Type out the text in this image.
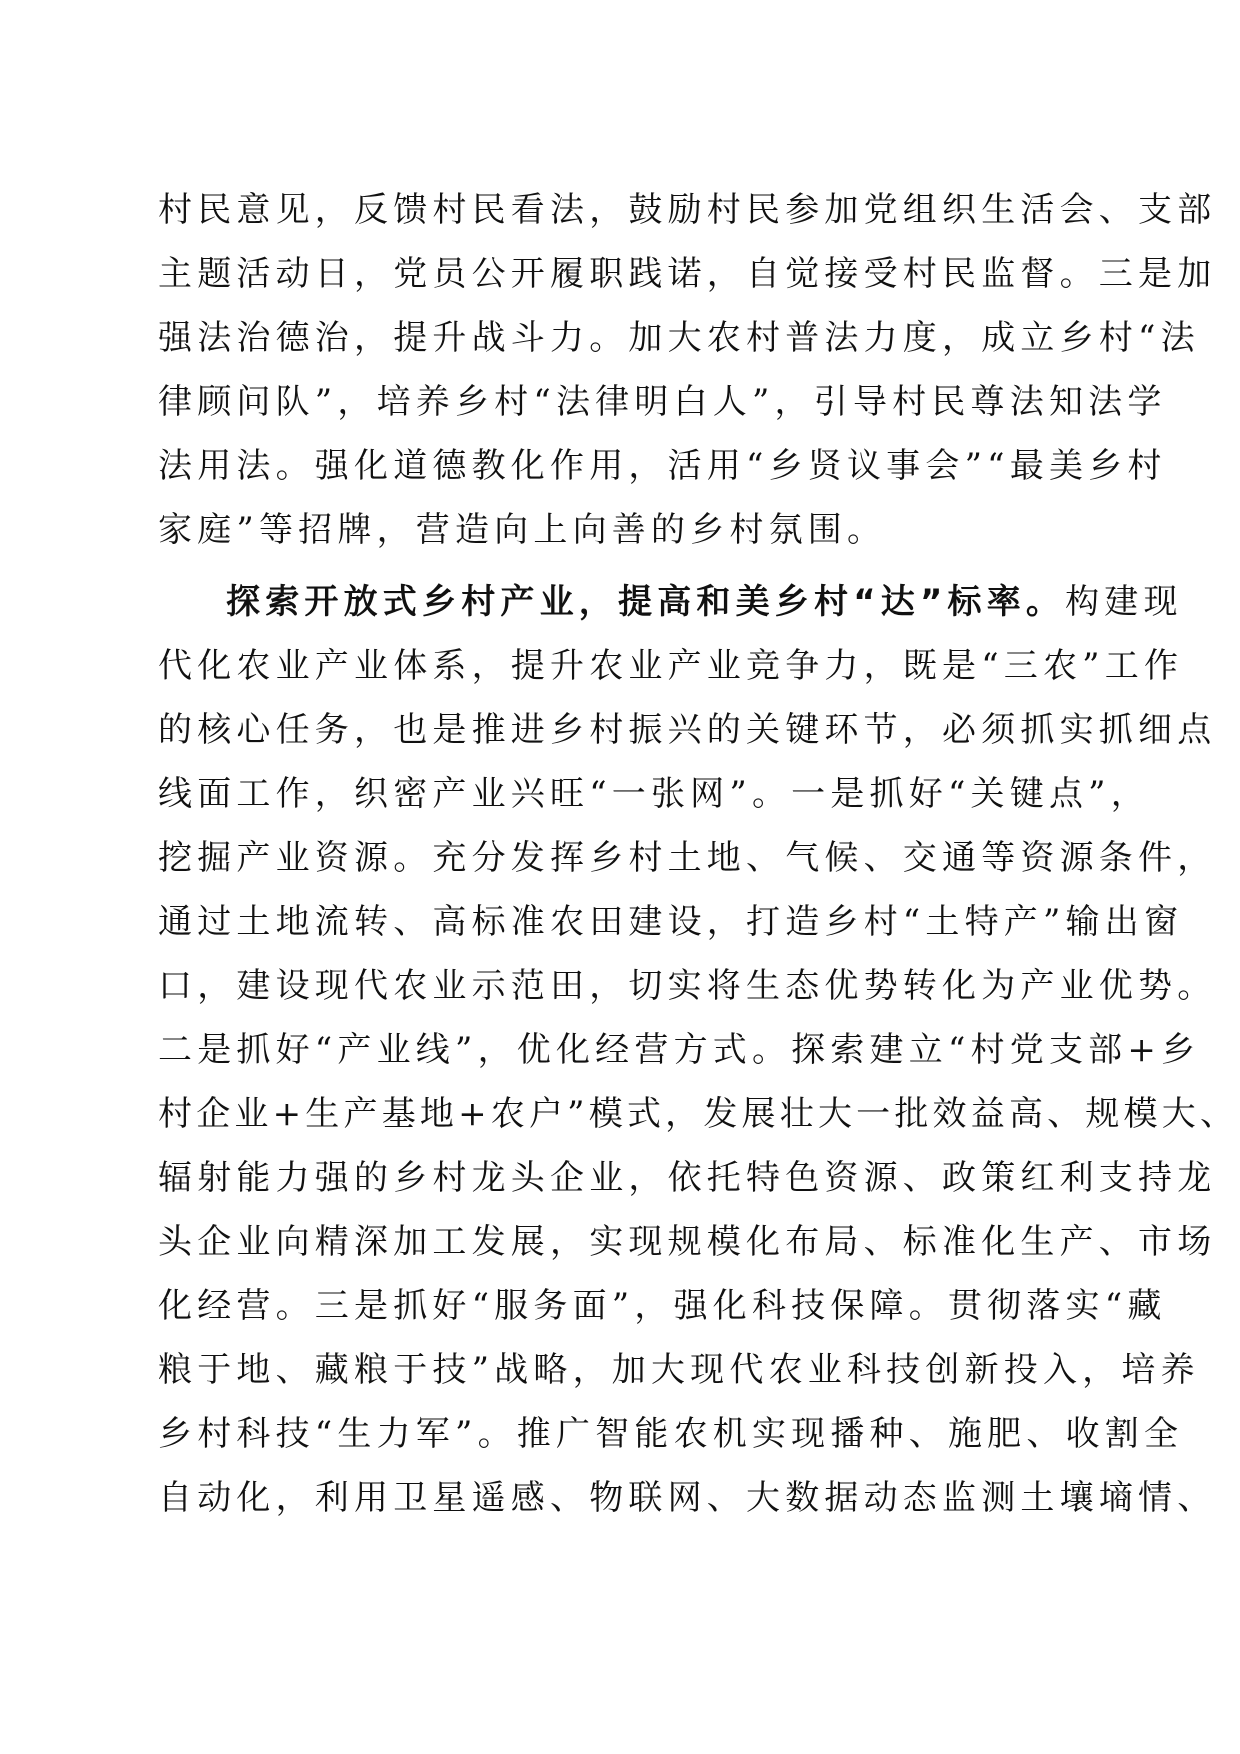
村民意见，反馈村民看法，鼓励村民参加党组织生活会、支部
主题活动日，党员公开履职践诺，自觉接受村民监督。三是加
强法治德治，提升战斗力。加大农村普法力度，成立乡村“法
律顾问队”，培养乡村“法律明白人”，引导村民尊法知法学
法用法。强化道德教化作用，活用“乡贤议事会”“最美乡村
家庭”等招牌，营造向上向善的乡村氛围。
探索开放式乡村产业，提高和美乡村“达”标率。构建现
代化农业产业体系，提升农业产业竞争力，既是“三农”工作
的核心任务，也是推进乡村振兴的关键环节，必须抓实抓细点
线面工作，织密产业兴旺“一张网”。一是抓好“关键点”，
挖掘产业资源。充分发挥乡村土地、气候、交通等资源条件，
通过土地流转、高标准农田建设，打造乡村“土特产”输出窗
口，建设现代农业示范田，切实将生态优势转化为产业优势。
二是抓好“产业线”，优化经营方式。探索建立“村党支部+乡
村企业+生产基地+农户”模式，发展壮大一批效益高、规模大、
辐射能力强的乡村龙头企业，依托特色资源、政策红利支持龙
头企业向精深加工发展，实现规模化布局、标准化生产、市场
化经营。三是抓好“服务面”，强化科技保障。贯彻落实“藏
粮于地、藏粮于技”战略，加大现代农业科技创新投入，培养
乡村科技“生力军”。推广智能农机实现播种、施肥、收割全
自动化，利用卫星遥感、物联网、大数据动态监测土壤墒情、
